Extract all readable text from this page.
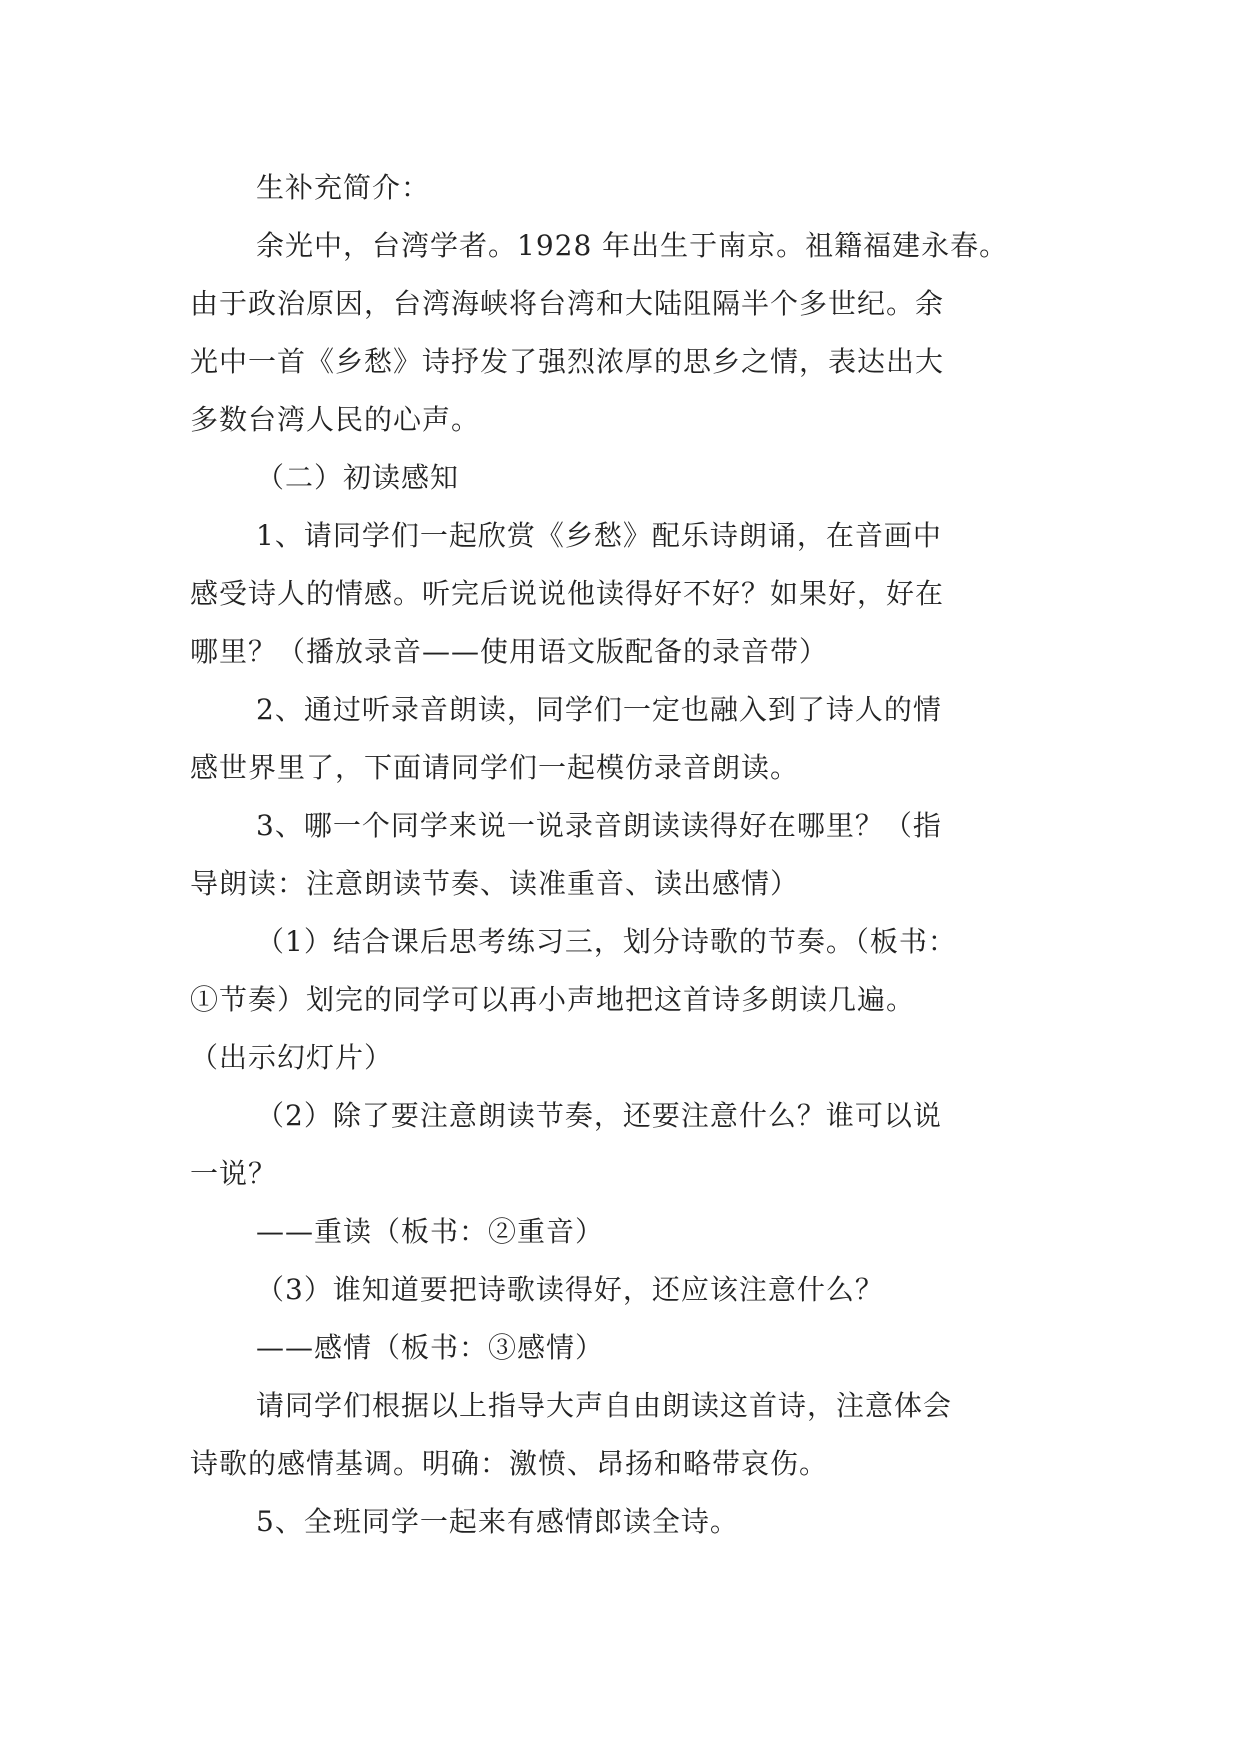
生补充简介：
余光中，台湾学者。1928 年出生于南京。祖籍福建永春。
由于政治原因，台湾海峡将台湾和大陆阻隔半个多世纪。余
光中一首《乡愁》诗抒发了强烈浓厚的思乡之情，表达出大
多数台湾人民的心声。
（二）初读感知
1、请同学们一起欣赏《乡愁》配乐诗朗诵，在音画中
感受诗人的情感。听完后说说他读得好不好？如果好，好在
哪里？（播放录音——使用语文版配备的录音带）
2、通过听录音朗读，同学们一定也融入到了诗人的情
感世界里了，下面请同学们一起模仿录音朗读。
3、哪一个同学来说一说录音朗读读得好在哪里？（指
导朗读：注意朗读节奏、读准重音、读出感情）
（1）结合课后思考练习三，划分诗歌的节奏。（板书：
①节奏）划完的同学可以再小声地把这首诗多朗读几遍。
（出示幻灯片）
（2）除了要注意朗读节奏，还要注意什么？谁可以说
一说？
——重读（板书：②重音）
（3）谁知道要把诗歌读得好，还应该注意什么？
——感情（板书：③感情）
请同学们根据以上指导大声自由朗读这首诗，注意体会
诗歌的感情基调。明确：激愤、昂扬和略带哀伤。
5、全班同学一起来有感情郎读全诗。
